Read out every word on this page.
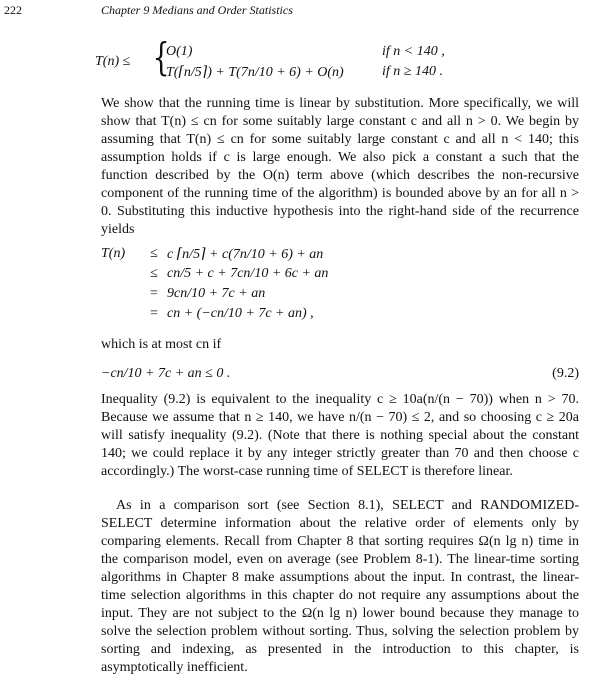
222	Chapter 9 Medians and Order Statistics
T(n) ≤ {
O(1)	if n < 140 ,
T(⌈n/5⌉) + T(7n/10 + 6) + O(n)	if n ≥ 140 .

We show that the running time is linear by substitution. More specifically, we will show that T(n) ≤ cn for some suitably large constant c and all n > 0. We begin by assuming that T(n) ≤ cn for some suitably large constant c and all n < 140; this assumption holds if c is large enough. We also pick a constant a such that the function described by the O(n) term above (which describes the non-recursive component of the running time of the algorithm) is bounded above by an for all n > 0. Substituting this inductive hypothesis into the right-hand side of the recurrence yields

T(n)	≤ c ⌈n/5⌉ + c(7n/10 + 6) + an
≤ cn/5 + c + 7cn/10 + 6c + an
= 9cn/10 + 7c + an
= cn + (−cn/10 + 7c + an) ,

which is at most cn if

−cn/10 + 7c + an ≤ 0 .	(9.2)

Inequality (9.2) is equivalent to the inequality c ≥ 10a(n/(n − 70)) when n > 70. Because we assume that n ≥ 140, we have n/(n − 70) ≤ 2, and so choosing c ≥ 20a will satisfy inequality (9.2). (Note that there is nothing special about the constant 140; we could replace it by any integer strictly greater than 70 and then choose c accordingly.) The worst-case running time of SELECT is therefore linear.

As in a comparison sort (see Section 8.1), SELECT and RANDOMIZED-SELECT determine information about the relative order of elements only by comparing elements. Recall from Chapter 8 that sorting requires Ω(n lg n) time in the comparison model, even on average (see Problem 8-1). The linear-time sorting algorithms in Chapter 8 make assumptions about the input. In contrast, the linear-time selection algorithms in this chapter do not require any assumptions about the input. They are not subject to the Ω(n lg n) lower bound because they manage to solve the selection problem without sorting. Thus, solving the selection problem by sorting and indexing, as presented in the introduction to this chapter, is asymptotically inefficient.
